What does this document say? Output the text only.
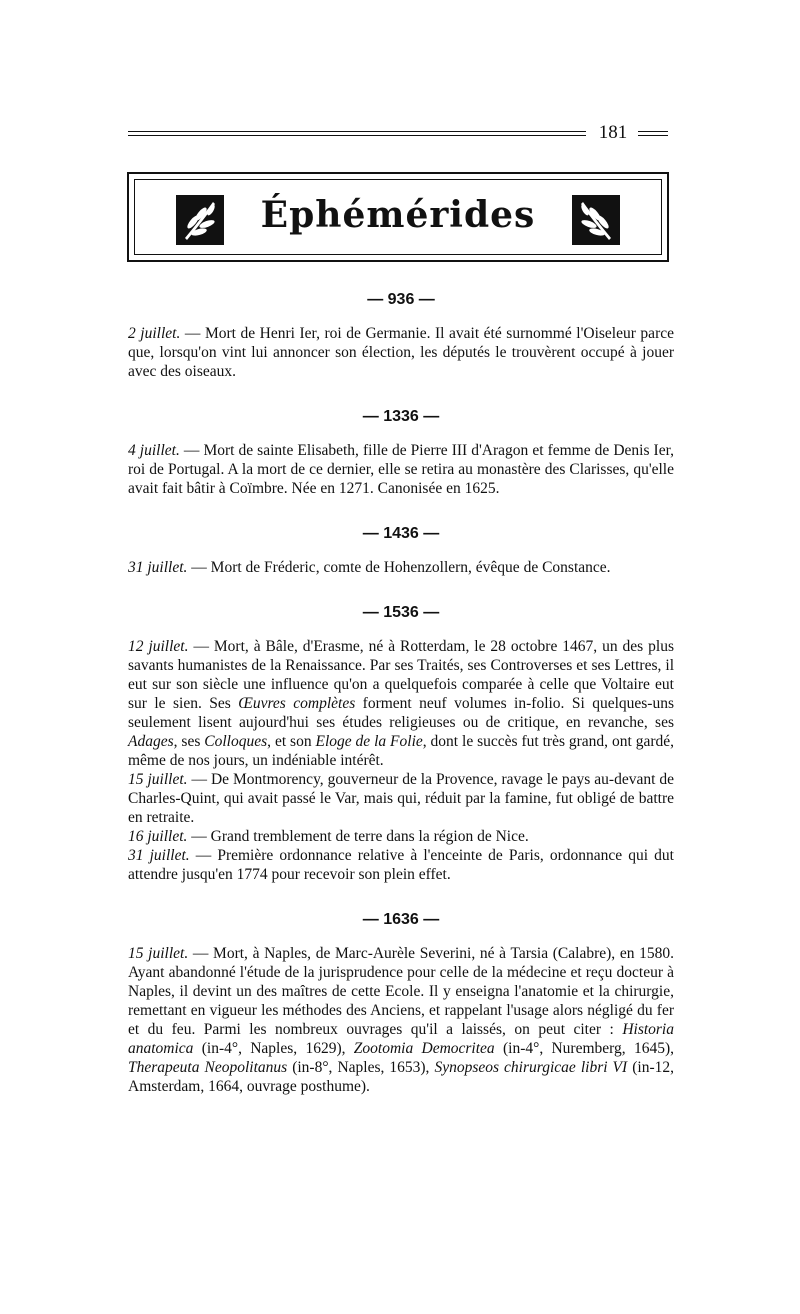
181
Éphémérides
— 936 —

2 juillet. — Mort de Henri Ier, roi de Germanie. Il avait été surnommé l'Oiseleur parce que, lorsqu'on vint lui annoncer son élection, les députés le trouvèrent occupé à jouer avec des oiseaux.

— 1336 —

4 juillet. — Mort de sainte Elisabeth, fille de Pierre III d'Aragon et femme de Denis Ier, roi de Portugal. A la mort de ce dernier, elle se retira au monastère des Clarisses, qu'elle avait fait bâtir à Coïmbre. Née en 1271. Canonisée en 1625.

— 1436 —

31 juillet. — Mort de Fréderic, comte de Hohenzollern, évêque de Constance.

— 1536 —

12 juillet. — Mort, à Bâle, d'Erasme, né à Rotterdam, le 28 octobre 1467, un des plus savants humanistes de la Renaissance. Par ses Traités, ses Controverses et ses Lettres, il eut sur son siècle une influence qu'on a quelquefois comparée à celle que Voltaire eut sur le sien. Ses Œuvres complètes forment neuf volumes in-folio. Si quelques-uns seulement lisent aujourd'hui ses études religieuses ou de critique, en revanche, ses Adages, ses Colloques, et son Eloge de la Folie, dont le succès fut très grand, ont gardé, même de nos jours, un indéniable intérêt.

15 juillet. — De Montmorency, gouverneur de la Provence, ravage le pays au-devant de Charles-Quint, qui avait passé le Var, mais qui, réduit par la famine, fut obligé de battre en retraite.

16 juillet. — Grand tremblement de terre dans la région de Nice.

31 juillet. — Première ordonnance relative à l'enceinte de Paris, ordonnance qui dut attendre jusqu'en 1774 pour recevoir son plein effet.

— 1636 —

15 juillet. — Mort, à Naples, de Marc-Aurèle Severini, né à Tarsia (Calabre), en 1580. Ayant abandonné l'étude de la jurisprudence pour celle de la médecine et reçu docteur à Naples, il devint un des maîtres de cette Ecole. Il y enseigna l'anatomie et la chirurgie, remettant en vigueur les méthodes des Anciens, et rappelant l'usage alors négligé du fer et du feu. Parmi les nombreux ouvrages qu'il a laissés, on peut citer : Historia anatomica (in-4°, Naples, 1629), Zootomia Democritea (in-4°, Nuremberg, 1645), Therapeuta Neopolitanus (in-8°, Naples, 1653), Synopseos chirurgicae libri VI (in-12, Amsterdam, 1664, ouvrage posthume).
